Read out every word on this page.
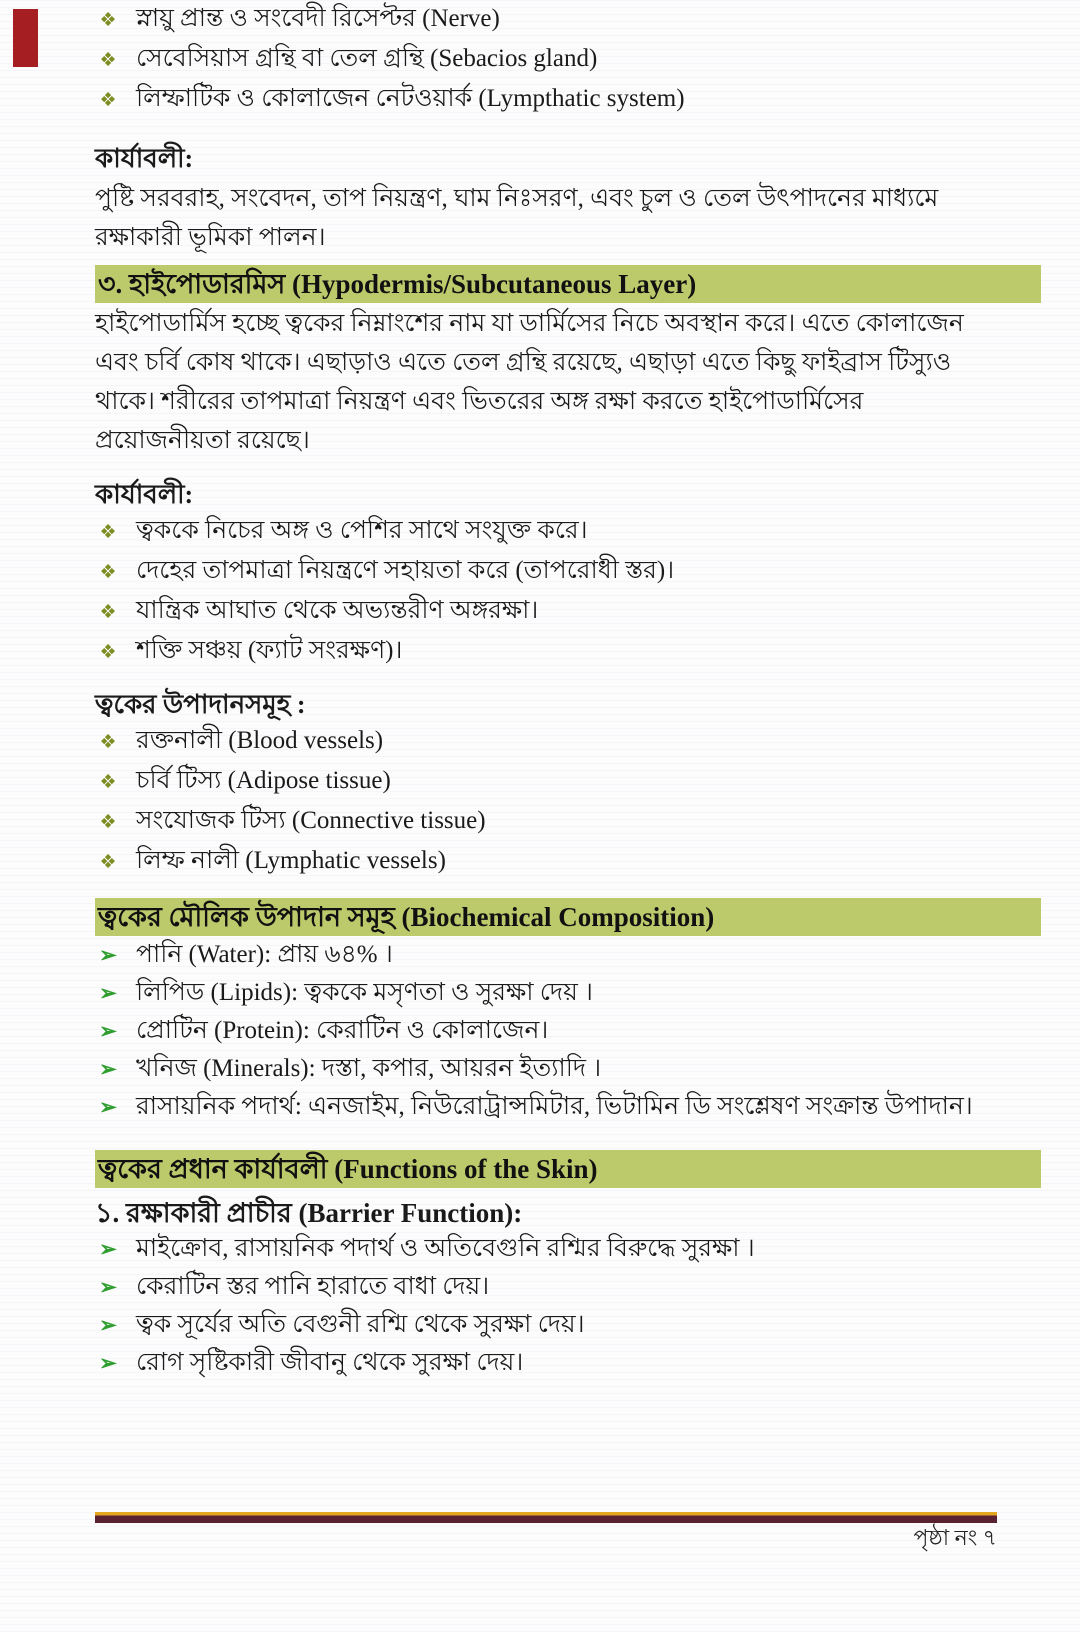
❖ স্নায়ু প্রান্ত ও সংবেদী রিসেপ্টর (Nerve)
❖ সেবেসিয়াস গ্রন্থি বা তেল গ্রন্থি (Sebacios gland)
❖ লিম্ফাটিক ও কোলাজেন নেটওয়ার্ক (Lympthatic system)
কার্যাবলী:

পুষ্টি সরবরাহ, সংবেদন, তাপ নিয়ন্ত্রণ, ঘাম নিঃসরণ, এবং চুল ও তেল উৎপাদনের মাধ্যমে রক্ষাকারী ভূমিকা পালন।

৩. হাইপোডারমিস (Hypodermis/Subcutaneous Layer)

হাইপোডার্মিস হচ্ছে ত্বকের নিম্নাংশের নাম যা ডার্মিসের নিচে অবস্থান করে। এতে কোলাজেন এবং চর্বি কোষ থাকে। এছাড়াও এতে তেল গ্রন্থি রয়েছে, এছাড়া এতে কিছু ফাইব্রাস টিস্যুও থাকে। শরীরের তাপমাত্রা নিয়ন্ত্রণ এবং ভিতরের অঙ্গ রক্ষা করতে হাইপোডার্মিসের প্রয়োজনীয়তা রয়েছে।

কার্যাবলী:
❖ ত্বককে নিচের অঙ্গ ও পেশির সাথে সংযুক্ত করে।
❖ দেহের তাপমাত্রা নিয়ন্ত্রণে সহায়তা করে (তাপরোধী স্তর)।
❖ যান্ত্রিক আঘাত থেকে অভ্যন্তরীণ অঙ্গরক্ষা।
❖ শক্তি সঞ্চয় (ফ্যাট সংরক্ষণ)।
ত্বকের উপাদানসমূহ :
❖ রক্তনালী (Blood vessels)
❖ চর্বি টিস্য (Adipose tissue)
❖ সংযোজক টিস্য (Connective tissue)
❖ লিম্ফ নালী (Lymphatic vessels)
ত্বকের মৌলিক উপাদান সমূহ (Biochemical Composition)
➢ পানি (Water): প্রায় ৬৪% ।
➢ লিপিড (Lipids): ত্বককে মসৃণতা ও সুরক্ষা দেয় ।
➢ প্রোটিন (Protein): কেরাটিন ও কোলাজেন।
➢ খনিজ (Minerals): দস্তা, কপার, আয়রন ইত্যাদি ।
➢ রাসায়নিক পদার্থ: এনজাইম, নিউরোট্রান্সমিটার, ভিটামিন ডি সংশ্লেষণ সংক্রান্ত উপাদান।
ত্বকের প্রধান কার্যাবলী (Functions of the Skin)
১. রক্ষাকারী প্রাচীর (Barrier Function):
➢ মাইক্রোব, রাসায়নিক পদার্থ ও অতিবেগুনি রশ্মির বিরুদ্ধে সুরক্ষা ।
➢ কেরাটিন স্তর পানি হারাতে বাধা দেয়।
➢ ত্বক সূর্যের অতি বেগুনী রশ্মি থেকে সুরক্ষা দেয়।
➢ রোগ সৃষ্টিকারী জীবানু থেকে সুরক্ষা দেয়।
পৃষ্ঠা নং ৭
